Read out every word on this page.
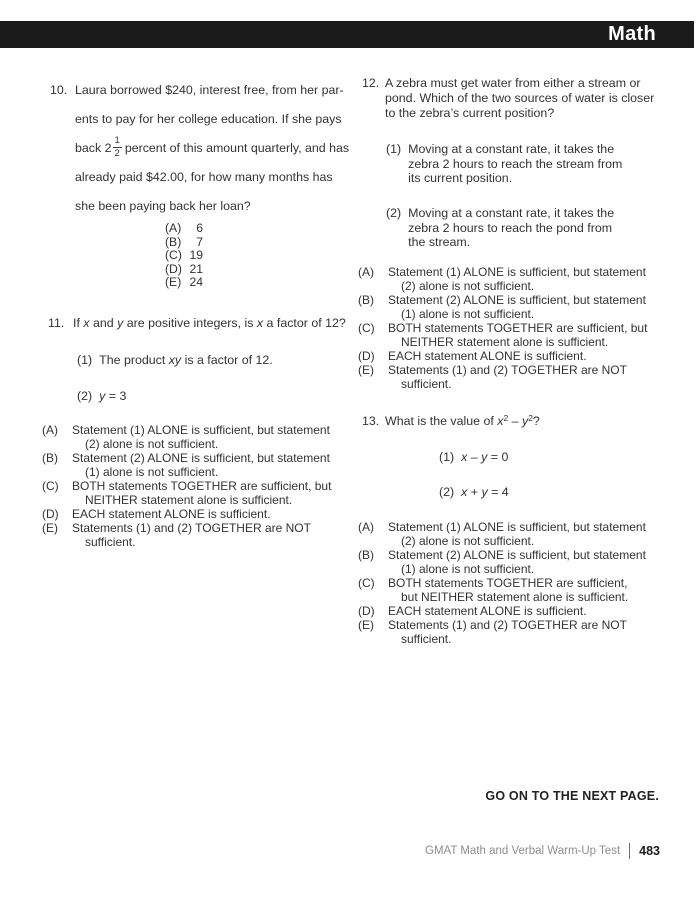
Math
10. Laura borrowed $240, interest free, from her par-
ents to pay for her college education. If she pays
back $2 \frac{1}{2}$ percent of this amount quarterly, and has
already paid $42.00, for how many months has
she been paying back her loan?
(A)	6
(B)	7
(C) 19
(D) 21
(E) 24
11. If x and y are positive integers, is x a factor of 12?
(1) The product xy is a factor of 12.
(2) y = 3
(A)	Statement (1) ALONE is sufficient, but statement
(2) alone is not sufficient.
(B)	Statement (2) ALONE is sufficient, but statement
(1) alone is not sufficient.
(C)	BOTH statements TOGETHER are sufficient, but
NEITHER statement alone is sufficient.
(D)	EACH statement ALONE is sufficient.
(E)	Statements (1) and (2) TOGETHER are NOT
sufficient.
12. A zebra must get water from either a stream or
pond. Which of the two sources of water is closer
to the zebra’s current position?
(1) Moving at a constant rate, it takes the
zebra 2 hours to reach the stream from
its current position.
(2) Moving at a constant rate, it takes the
zebra 2 hours to reach the pond from
the stream.
(A)	Statement (1) ALONE is sufficient, but statement
(2) alone is not sufficient.
(B)	Statement (2) ALONE is sufficient, but statement
(1) alone is not sufficient.
(C)	BOTH statements TOGETHER are sufficient, but
NEITHER statement alone is sufficient.
(D)	EACH statement ALONE is sufficient.
(E)	Statements (1) and (2) TOGETHER are NOT
sufficient.
13. What is the value of $x^2 - y^2$?
(1) x – y = 0
(2) x + y = 4
(A)	Statement (1) ALONE is sufficient, but statement
(2) alone is not sufficient.
(B)	Statement (2) ALONE is sufficient, but statement
(1) alone is not sufficient.
(C)	BOTH statements TOGETHER are sufficient,
but NEITHER statement alone is sufficient.
(D)	EACH statement ALONE is sufficient.
(E)	Statements (1) and (2) TOGETHER are NOT
sufficient.
GO ON TO THE NEXT PAGE.
GMAT Math and Verbal Warm-Up Test 483
